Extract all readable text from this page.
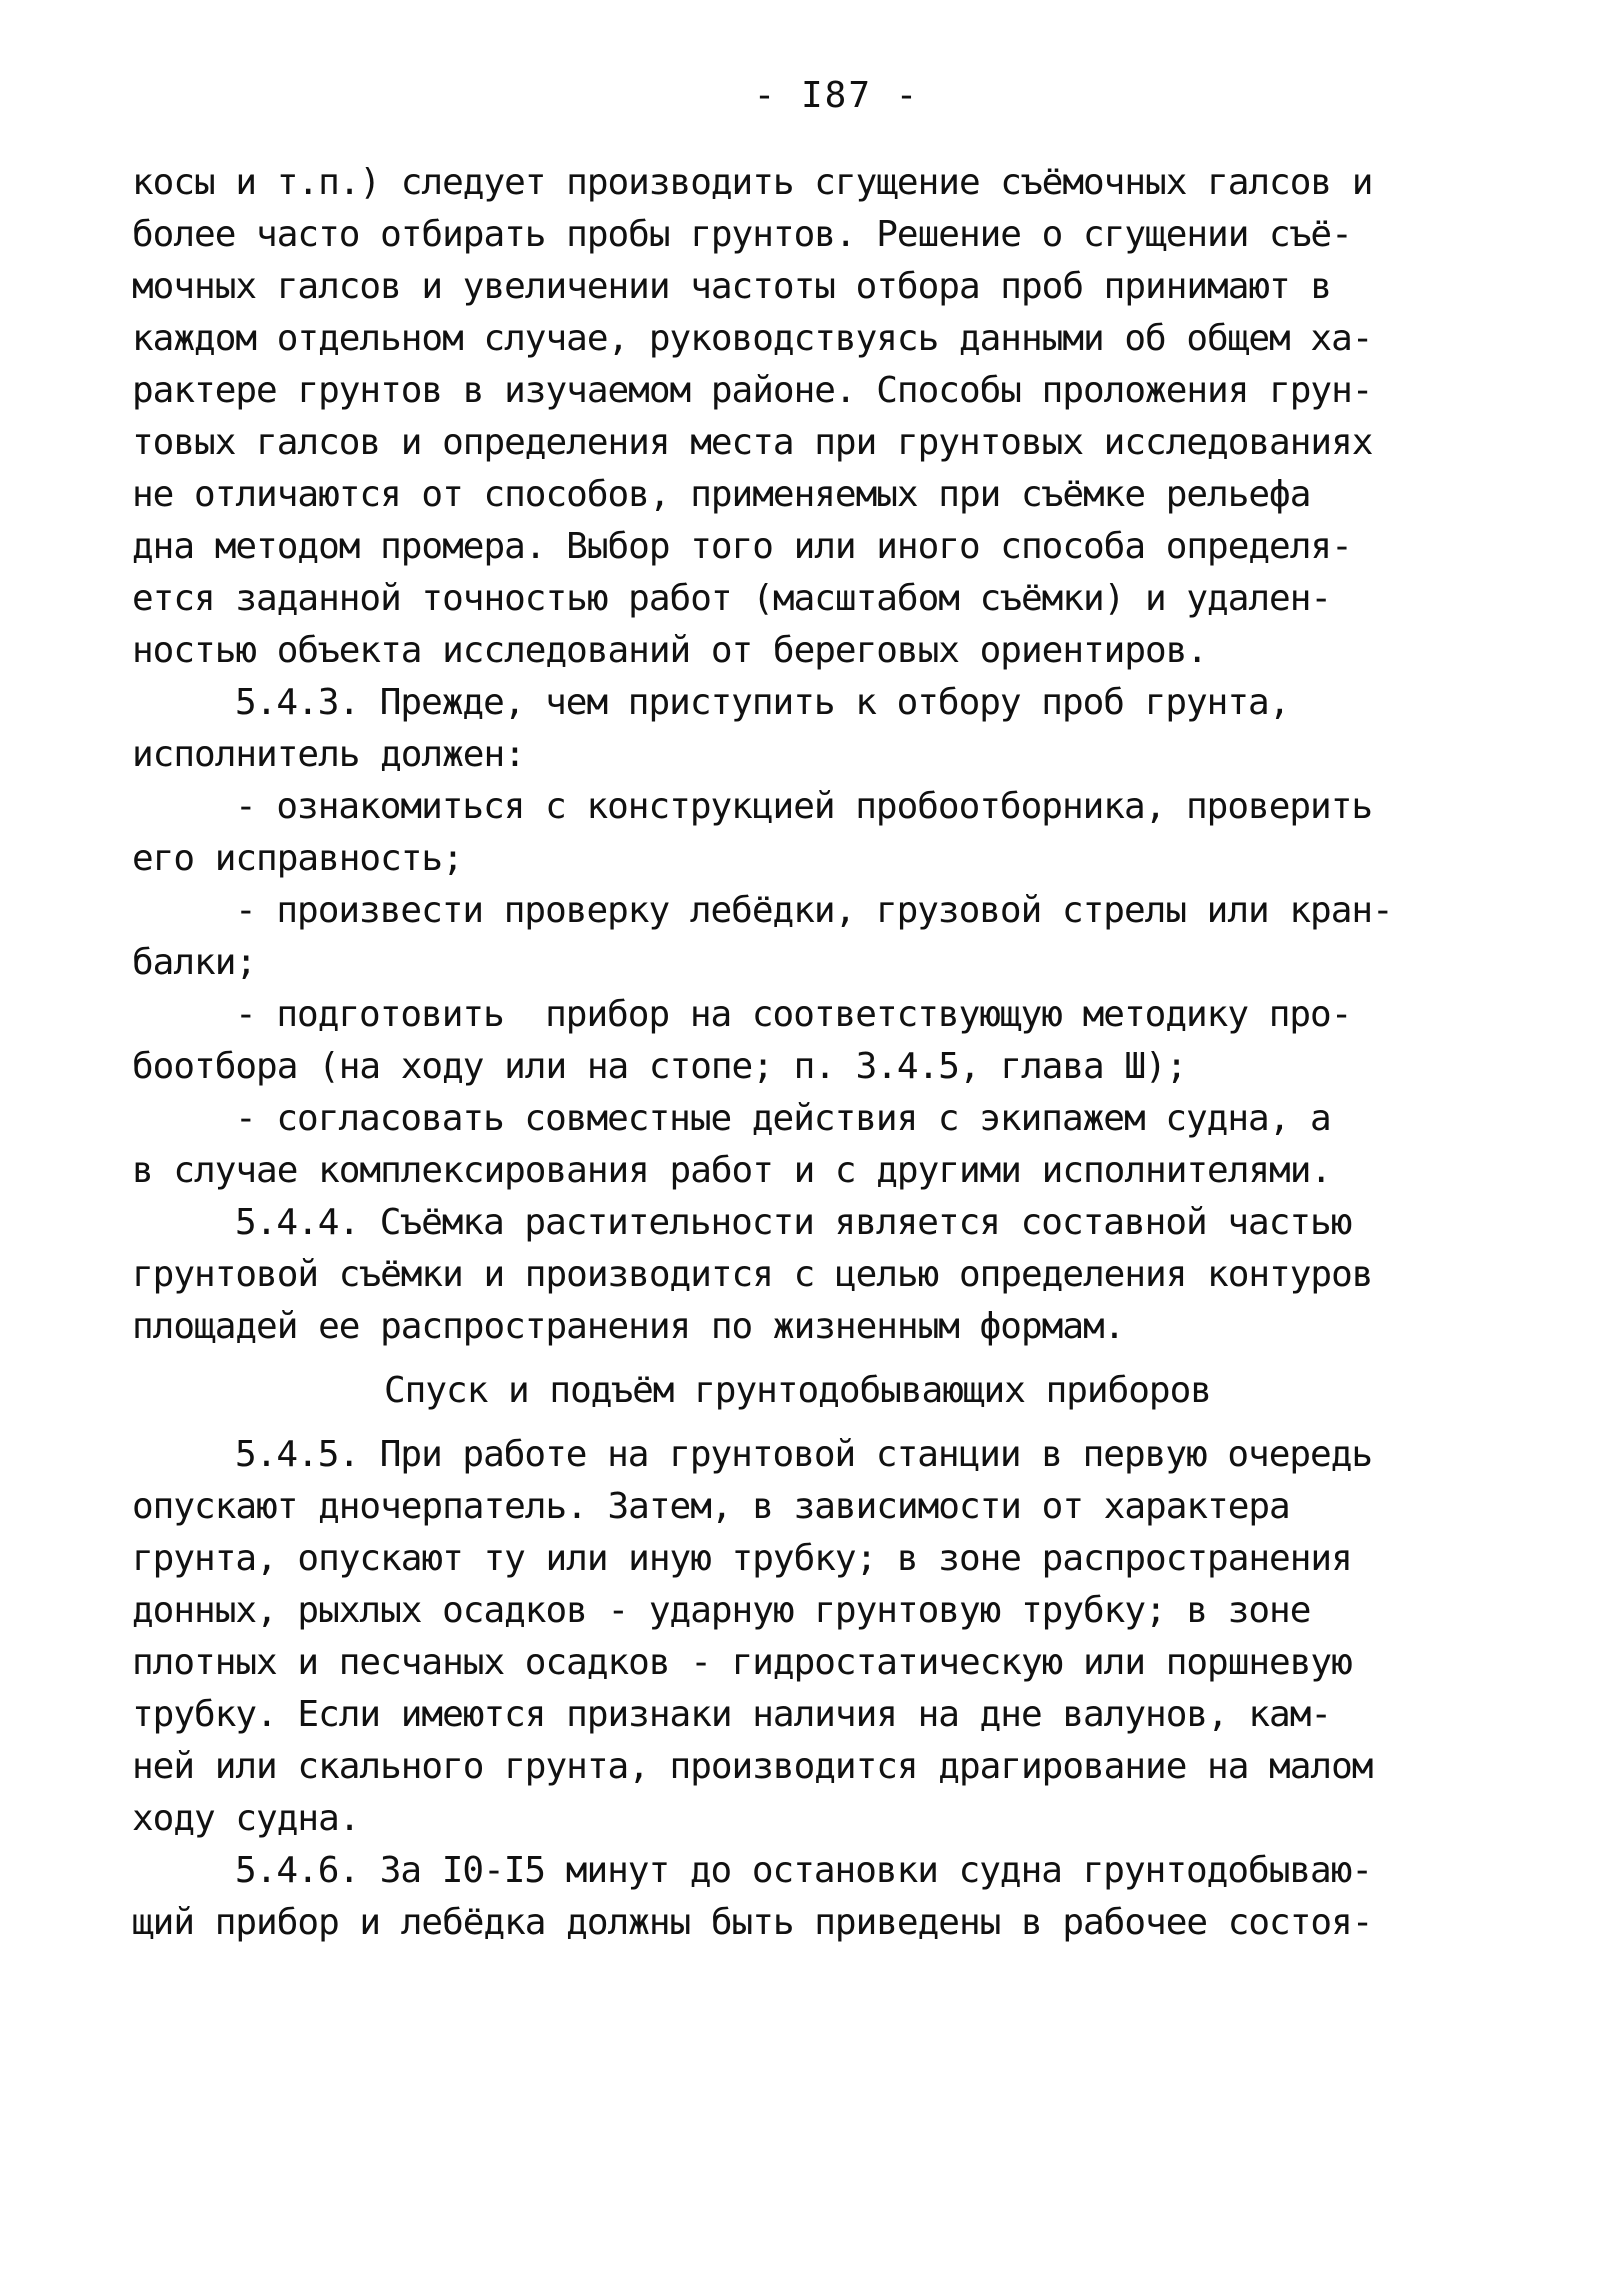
- I87 -
косы и т.п.) следует производить сгущение съёмочных галсов и
более часто отбирать пробы грунтов. Решение о сгущении съё-
мочных галсов и увеличении частоты отбора проб принимают в
каждом отдельном случае, руководствуясь данными об общем ха-
рактере грунтов в изучаемом районе. Способы проложения грун-
товых галсов и определения места при грунтовых исследованиях
не отличаются от способов, применяемых при съёмке рельефа
дна методом промера. Выбор того или иного способа определя-
ется заданной точностью работ (масштабом съёмки) и удален-
ностью объекта исследований от береговых ориентиров.
5.4.3. Прежде, чем приступить к отбору проб грунта,
исполнитель должен:
- ознакомиться с конструкцией пробоотборника, проверить
его исправность;
- произвести проверку лебёдки, грузовой стрелы или кран-
балки;
- подготовить  прибор на соответствующую методику про-
боотбора (на ходу или на стопе; п. 3.4.5, глава Ш);
- согласовать совместные действия с экипажем судна, а
в случае комплексирования работ и с другими исполнителями.
5.4.4. Съёмка растительности является составной частью
грунтовой съёмки и производится с целью определения контуров
площадей ее распространения по жизненным формам.
Спуск и подъём грунтодобывающих приборов
5.4.5. При работе на грунтовой станции в первую очередь
опускают дночерпатель. Затем, в зависимости от характера
грунта, опускают ту или иную трубку; в зоне распространения
донных, рыхлых осадков - ударную грунтовую трубку; в зоне
плотных и песчаных осадков - гидростатическую или поршневую
трубку. Если имеются признаки наличия на дне валунов, кам-
ней или скального грунта, производится драгирование на малом
ходу судна.
5.4.6. За I0-I5 минут до остановки судна грунтодобываю-
щий прибор и лебёдка должны быть приведены в рабочее состоя-
